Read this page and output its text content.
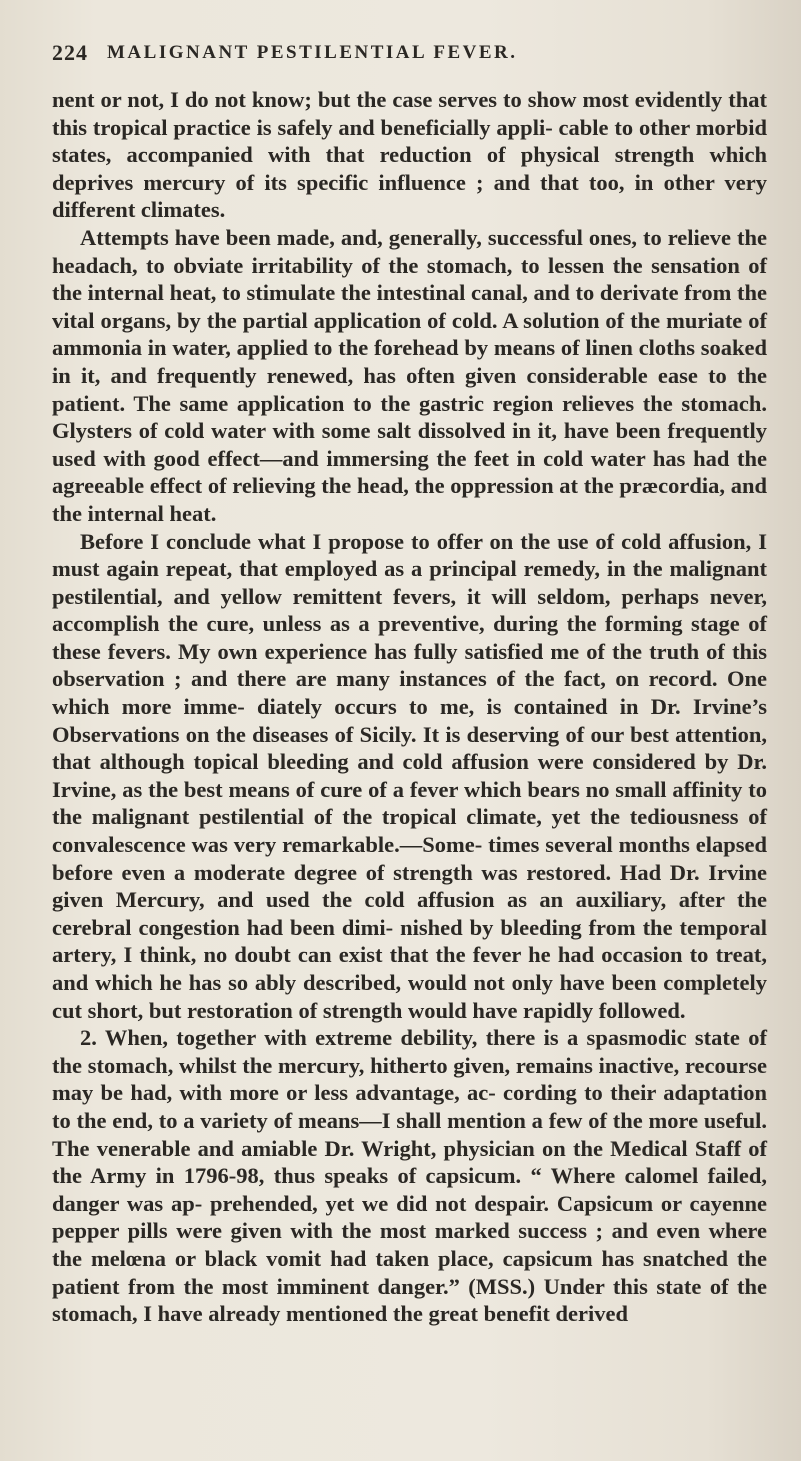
224 MALIGNANT PESTILENTIAL FEVER.

nent or not, I do not know; but the case serves to show most evidently that this tropical practice is safely and beneficially appli- cable to other morbid states, accompanied with that reduction of physical strength which deprives mercury of its specific influence ; and that too, in other very different climates.

Attempts have been made, and, generally, successful ones, to relieve the headach, to obviate irritability of the stomach, to lessen the sensation of the internal heat, to stimulate the intestinal canal, and to derivate from the vital organs, by the partial application of cold. A solution of the muriate of ammonia in water, applied to the forehead by means of linen cloths soaked in it, and frequently renewed, has often given considerable ease to the patient. The same application to the gastric region relieves the stomach. Glysters of cold water with some salt dissolved in it, have been frequently used with good effect—and immersing the feet in cold water has had the agreeable effect of relieving the head, the oppression at the præcordia, and the internal heat.

Before I conclude what I propose to offer on the use of cold affusion, I must again repeat, that employed as a principal remedy, in the malignant pestilential, and yellow remittent fevers, it will seldom, perhaps never, accomplish the cure, unless as a preventive, during the forming stage of these fevers. My own experience has fully satisfied me of the truth of this observation ; and there are many instances of the fact, on record. One which more imme- diately occurs to me, is contained in Dr. Irvine’s Observations on the diseases of Sicily. It is deserving of our best attention, that although topical bleeding and cold affusion were considered by Dr. Irvine, as the best means of cure of a fever which bears no small affinity to the malignant pestilential of the tropical climate, yet the tediousness of convalescence was very remarkable.—Some- times several months elapsed before even a moderate degree of strength was restored. Had Dr. Irvine given Mercury, and used the cold affusion as an auxiliary, after the cerebral congestion had been dimi- nished by bleeding from the temporal artery, I think, no doubt can exist that the fever he had occasion to treat, and which he has so ably described, would not only have been completely cut short, but restoration of strength would have rapidly followed.

2. When, together with extreme debility, there is a spasmodic state of the stomach, whilst the mercury, hitherto given, remains inactive, recourse may be had, with more or less advantage, ac- cording to their adaptation to the end, to a variety of means—I shall mention a few of the more useful. The venerable and amiable Dr. Wright, physician on the Medical Staff of the Army in 1796-98, thus speaks of capsicum. “ Where calomel failed, danger was ap- prehended, yet we did not despair. Capsicum or cayenne pepper pills were given with the most marked success ; and even where the melœna or black vomit had taken place, capsicum has snatched the patient from the most imminent danger.” (MSS.) Under this state of the stomach, I have already mentioned the great benefit derived
